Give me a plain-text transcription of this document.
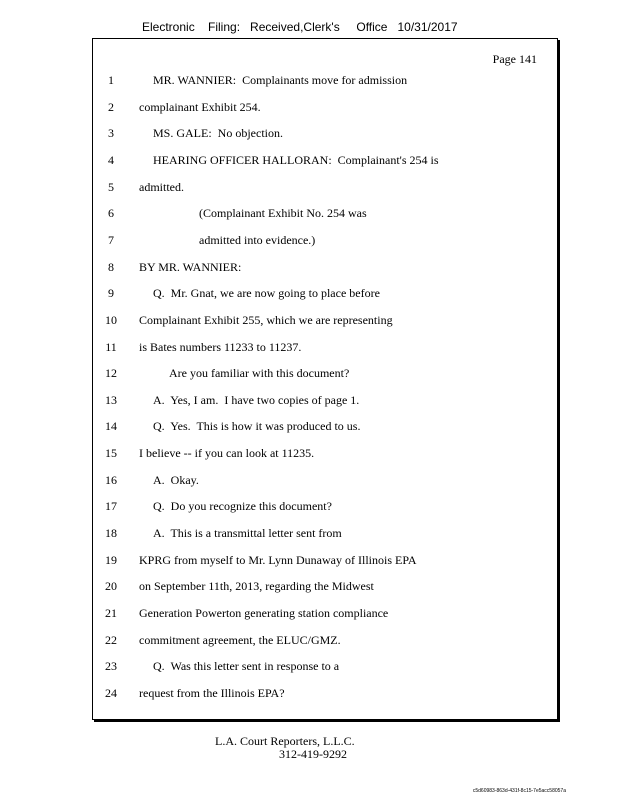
Electronic    Filing:   Received,Clerk's     Office   10/31/2017
Page 141
1	MR. WANNIER:  Complainants move for admission
2	complainant Exhibit 254.
3	MS. GALE:  No objection.
4	HEARING OFFICER HALLORAN:  Complainant's 254 is
5	admitted.
6	(Complainant Exhibit No. 254 was
7	admitted into evidence.)
8	BY MR. WANNIER:
9	Q.  Mr. Gnat, we are now going to place before
10	Complainant Exhibit 255, which we are representing
11	is Bates numbers 11233 to 11237.
12	Are you familiar with this document?
13	A.  Yes, I am.  I have two copies of page 1.
14	Q.  Yes.  This is how it was produced to us.
15	I believe -- if you can look at 11235.
16	A.  Okay.
17	Q.  Do you recognize this document?
18	A.  This is a transmittal letter sent from
19	KPRG from myself to Mr. Lynn Dunaway of Illinois EPA
20	on September 11th, 2013, regarding the Midwest
21	Generation Powerton generating station compliance
22	commitment agreement, the ELUC/GMZ.
23	Q.  Was this letter sent in response to a
24	request from the Illinois EPA?
L.A. Court Reporters, L.L.C.
312-419-9292
c5d60983-863d-431f-8c15-7e5acc58057a
